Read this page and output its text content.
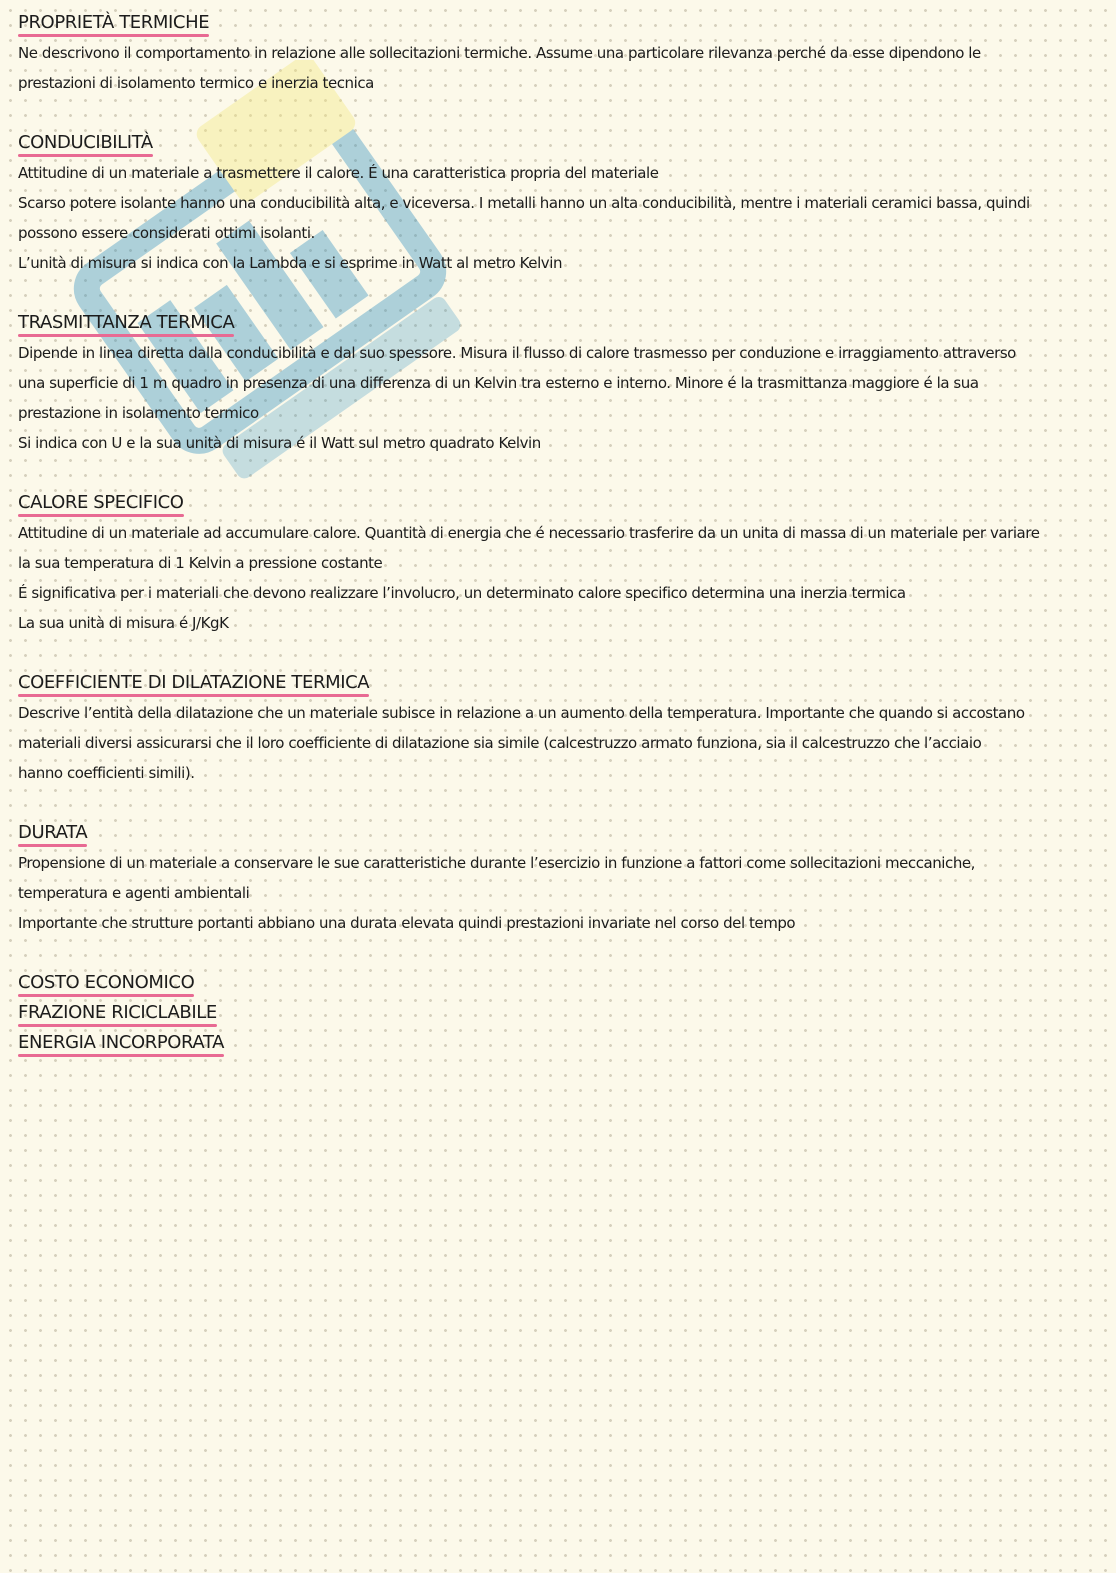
PROPRIETÀ TERMICHE

Ne descrivono il comportamento in relazione alle sollecitazioni termiche. Assume una particolare rilevanza perché da esse dipendono le

prestazioni di isolamento termico e inerzia tecnica

CONDUCIBILITÀ

Attitudine di un materiale a trasmettere il calore. É una caratteristica propria del materiale

Scarso potere isolante hanno una conducibilità alta, e viceversa. I metalli hanno un alta conducibilità, mentre i materiali ceramici bassa, quindi

possono essere considerati ottimi isolanti.

L’unità di misura si indica con la Lambda e si esprime in Watt al metro Kelvin

TRASMITTANZA TERMICA

Dipende in linea diretta dalla conducibilità e dal suo spessore. Misura il flusso di calore trasmesso per conduzione e irraggiamento attraverso

una superficie di 1 m quadro in presenza di una differenza di un Kelvin tra esterno e interno. Minore é la trasmittanza maggiore é la sua

prestazione in isolamento termico

Si indica con U e la sua unità di misura é il Watt sul metro quadrato Kelvin

CALORE SPECIFICO

Attitudine di un materiale ad accumulare calore. Quantità di energia che é necessario trasferire da un unita di massa di un materiale per variare

la sua temperatura di 1 Kelvin a pressione costante

É significativa per i materiali che devono realizzare l’involucro, un determinato calore specifico determina una inerzia termica

La sua unità di misura é J/KgK

COEFFICIENTE DI DILATAZIONE TERMICA

Descrive l’entità della dilatazione che un materiale subisce in relazione a un aumento della temperatura. Importante che quando si accostano

materiali diversi assicurarsi che il loro coefficiente di dilatazione sia simile (calcestruzzo armato funziona, sia il calcestruzzo che l’acciaio

hanno coefficienti simili).

DURATA

Propensione di un materiale a conservare le sue caratteristiche durante l’esercizio in funzione a fattori come sollecitazioni meccaniche,

temperatura e agenti ambientali

Importante che strutture portanti abbiano una durata elevata quindi prestazioni invariate nel corso del tempo

COSTO ECONOMICO
FRAZIONE RICICLABILE
ENERGIA INCORPORATA
